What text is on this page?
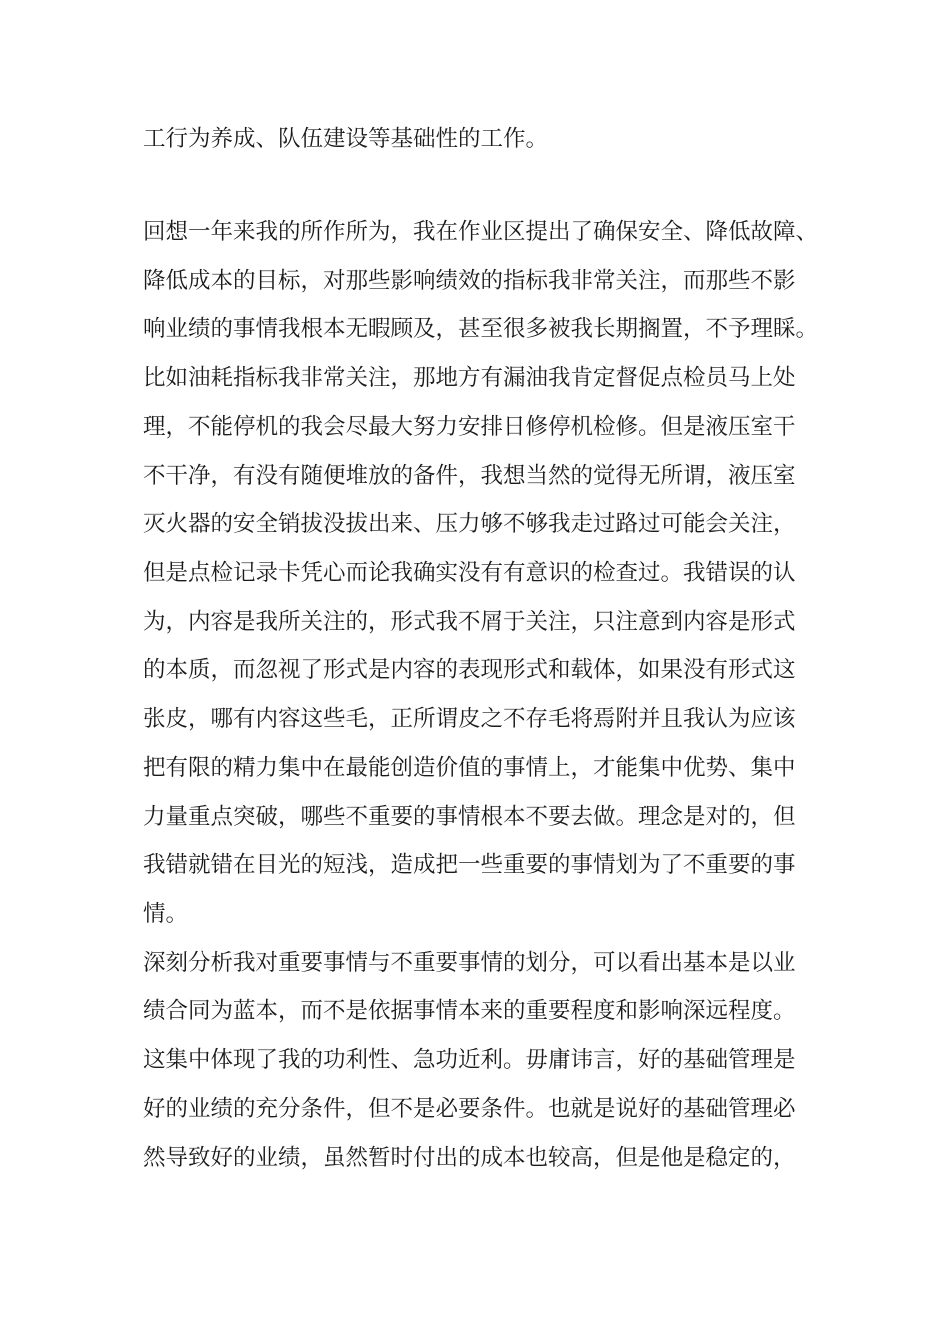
工行为养成、队伍建设等基础性的工作。
回想一年来我的所作所为，我在作业区提出了确保安全、降低故障、
降低成本的目标，对那些影响绩效的指标我非常关注，而那些不影
响业绩的事情我根本无暇顾及，甚至很多被我长期搁置，不予理睬。
比如油耗指标我非常关注，那地方有漏油我肯定督促点检员马上处
理，不能停机的我会尽最大努力安排日修停机检修。但是液压室干
不干净，有没有随便堆放的备件，我想当然的觉得无所谓，液压室
灭火器的安全销拔没拔出来、压力够不够我走过路过可能会关注，
但是点检记录卡凭心而论我确实没有有意识的检查过。我错误的认
为，内容是我所关注的，形式我不屑于关注，只注意到内容是形式
的本质，而忽视了形式是内容的表现形式和载体，如果没有形式这
张皮，哪有内容这些毛，正所谓皮之不存毛将焉附并且我认为应该
把有限的精力集中在最能创造价值的事情上，才能集中优势、集中
力量重点突破，哪些不重要的事情根本不要去做。理念是对的，但
我错就错在目光的短浅，造成把一些重要的事情划为了不重要的事
情。
深刻分析我对重要事情与不重要事情的划分，可以看出基本是以业
绩合同为蓝本，而不是依据事情本来的重要程度和影响深远程度。
这集中体现了我的功利性、急功近利。毋庸讳言，好的基础管理是
好的业绩的充分条件，但不是必要条件。也就是说好的基础管理必
然导致好的业绩，虽然暂时付出的成本也较高，但是他是稳定的，
